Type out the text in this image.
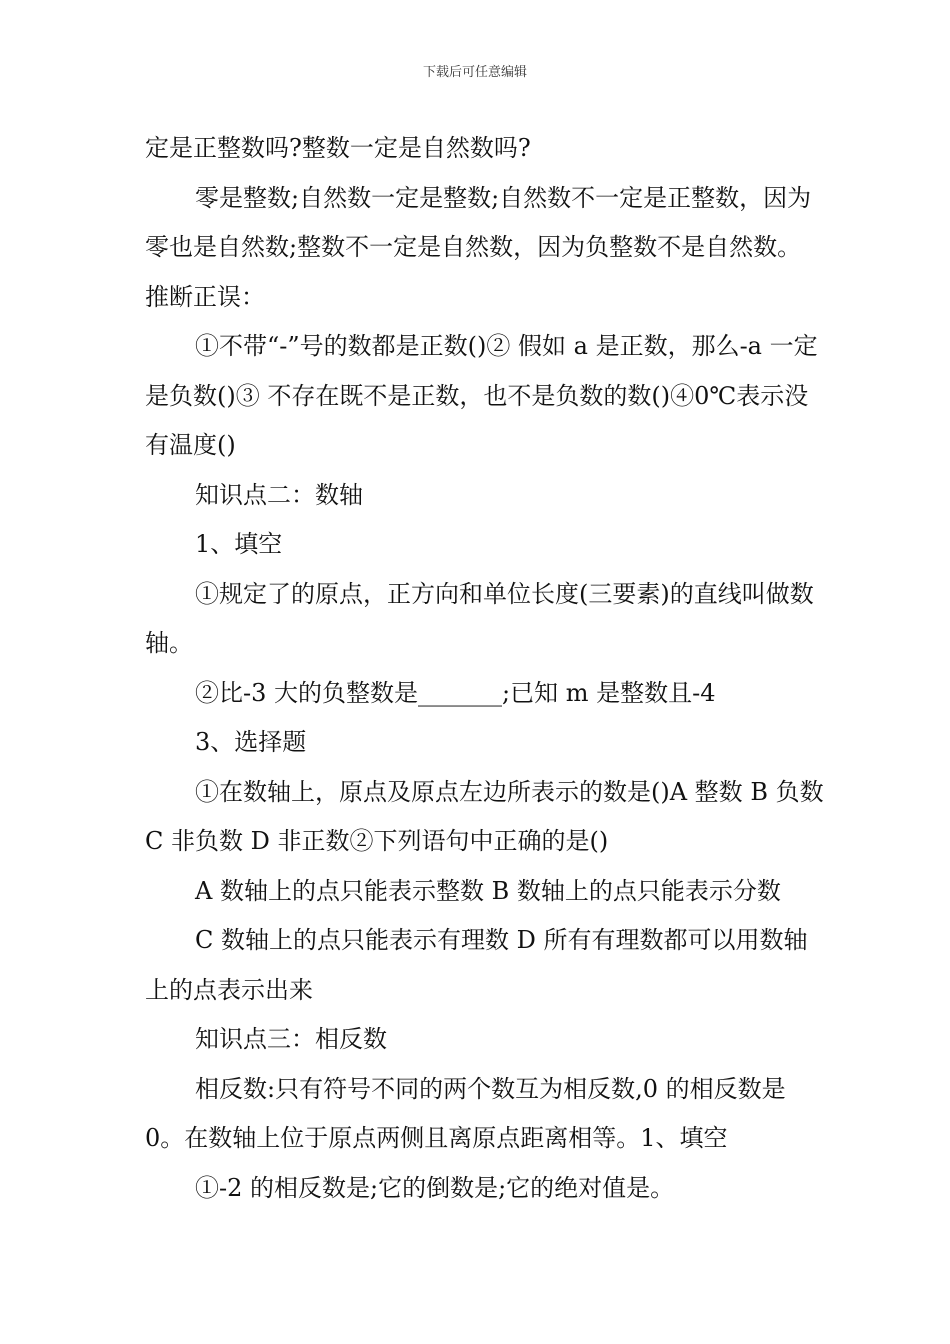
下载后可任意编辑

定是正整数吗?整数一定是自然数吗?

零是整数;自然数一定是整数;自然数不一定是正整数，因为零也是自然数;整数不一定是自然数，因为负整数不是自然数。推断正误：

①不带“-”号的数都是正数()② 假如 a 是正数，那么-a 一定是负数()③ 不存在既不是正数，也不是负数的数()④0℃表示没有温度()

知识点二：数轴

1、填空

①规定了的原点，正方向和单位长度(三要素)的直线叫做数轴。

②比-3 大的负整数是_______;已知 m 是整数且-4

3、选择题

①在数轴上，原点及原点左边所表示的数是()A 整数 B 负数 C 非负数 D 非正数②下列语句中正确的是()

A 数轴上的点只能表示整数 B 数轴上的点只能表示分数

C 数轴上的点只能表示有理数 D 所有有理数都可以用数轴上的点表示出来

知识点三：相反数

相反数:只有符号不同的两个数互为相反数,0 的相反数是 0。在数轴上位于原点两侧且离原点距离相等。1、填空

①-2 的相反数是;它的倒数是;它的绝对值是。
